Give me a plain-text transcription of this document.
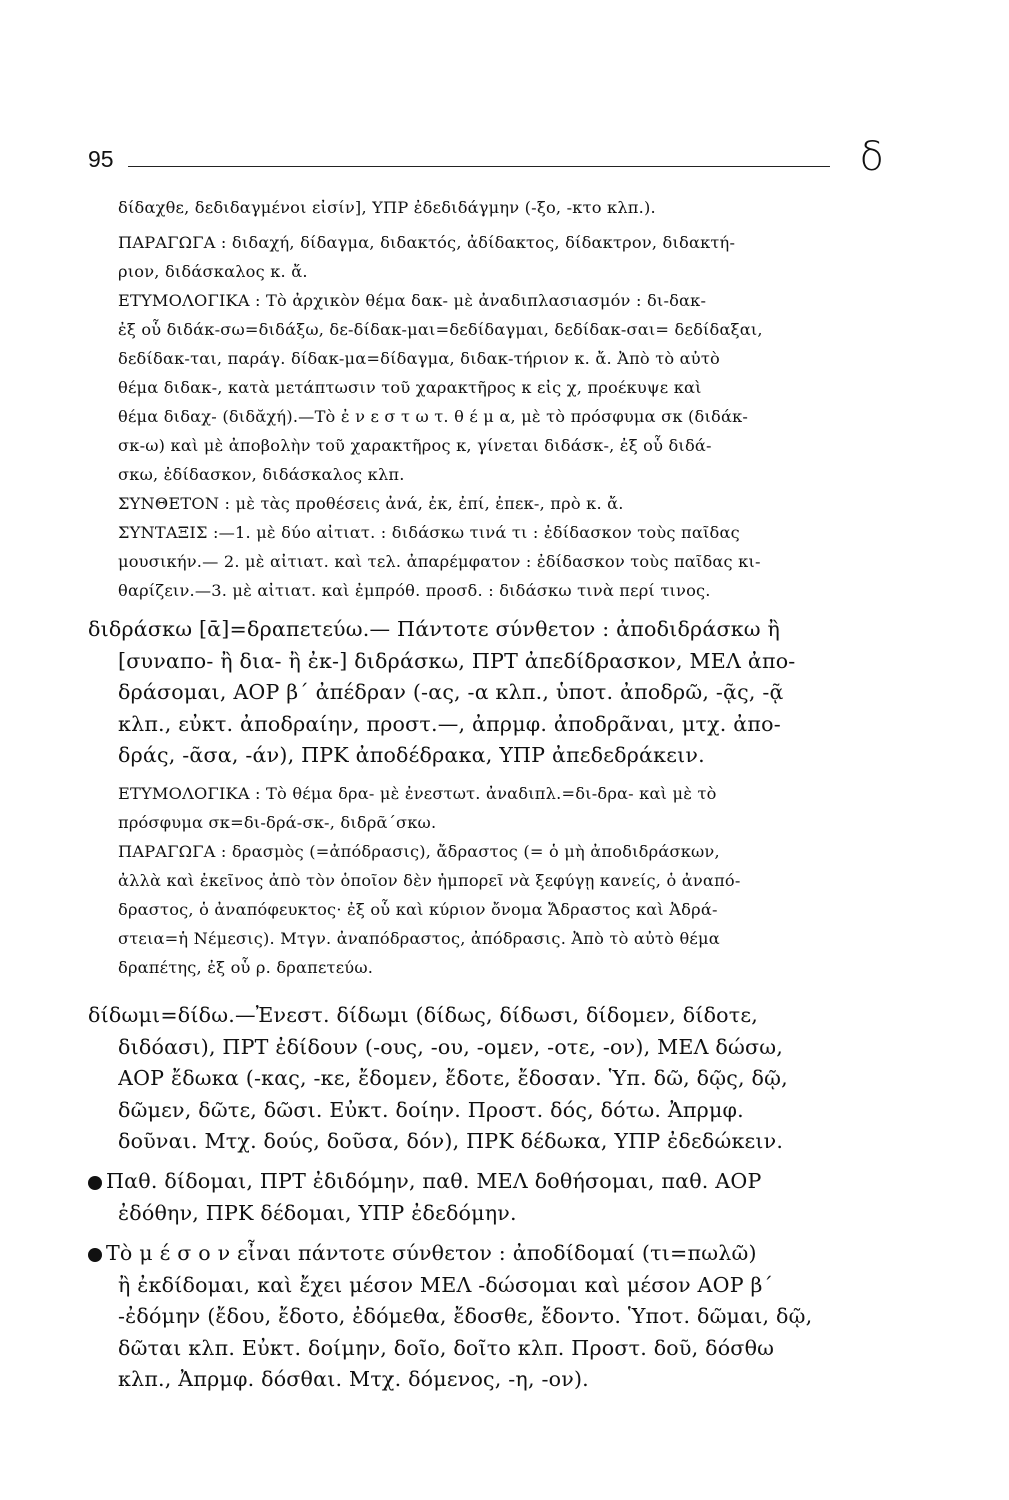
95	δ
δίδαχθε, δεδιδαγμένοι εἰσίν], ΥΠΡ ἐδεδιδάγμην (-ξο, -κτο κλπ.).
ΠΑΡΑΓΩΓΑ : διδαχή, δίδαγμα, διδακτός, ἀδίδακτος, δίδακτρον, διδακτή-
ριον, διδάσκαλος κ. ἄ.
ΕΤΥΜΟΛΟΓΙΚΑ : Τὸ ἀρχικὸν θέμα δακ- μὲ ἀναδιπλασιασμόν : δι-δακ-
ἐξ οὗ διδάκ-σω=διδάξω, δε-δίδακ-μαι=δεδίδαγμαι, δεδίδακ-σαι= δεδίδαξαι,
δεδίδακ-ται, παράγ. δίδακ-μα=δίδαγμα, διδακ-τήριον κ. ἄ. Ἀπὸ τὸ αὐτὸ
θέμα διδακ-, κατὰ μετάπτωσιν τοῦ χαρακτῆρος κ εἰς χ, προέκυψε καὶ
θέμα διδαχ- (διδᾰχή).—Τὸ ἐ ν ε σ τ ω τ. θ έ μ α, μὲ τὸ πρόσφυμα σκ (διδάκ-
σκ-ω) καὶ μὲ ἀποβολὴν τοῦ χαρακτῆρος κ, γίνεται διδάσκ-, ἐξ οὗ διδά-
σκω, ἐδίδασκον, διδάσκαλος κλπ.
ΣΥΝΘΕΤΟΝ : μὲ τὰς προθέσεις ἀνά, ἐκ, ἐπί, ἐπεκ-, πρὸ κ. ἄ.
ΣΥΝΤΑΞΙΣ :—1. μὲ δύο αἰτιατ. : διδάσκω τινά τι : ἐδίδασκον τοὺς παῖδας
μουσικήν.— 2. μὲ αἰτιατ. καὶ τελ. ἀπαρέμφατον : ἐδίδασκον τοὺς παῖδας κι-
θαρίζειν.—3. μὲ αἰτιατ. καὶ ἐμπρόθ. προσδ. : διδάσκω τινὰ περί τινος.
διδράσκω [ᾱ]=δραπετεύω.— Πάντοτε σύνθετον : ἀποδιδράσκω ἢ
[συναπο- ἢ δια- ἢ ἐκ-] διδράσκω, ΠΡΤ ἀπεδίδρασκον, ΜΕΛ ἀπο-
δράσομαι, ΑΟΡ β´ ἀπέδραν (-ας, -α κλπ., ὑποτ. ἀποδρῶ, -ᾷς, -ᾷ
κλπ., εὐκτ. ἀποδραίην, προστ.—, ἀπρμφ. ἀποδρᾶναι, μτχ. ἀπο-
δράς, -ᾶσα, -άν), ΠΡΚ ἀποδέδρακα, ΥΠΡ ἀπεδεδράκειν.
ΕΤΥΜΟΛΟΓΙΚΑ : Τὸ θέμα δρα- μὲ ἐνεστωτ. ἀναδιπλ.=δι-δρα- καὶ μὲ τὸ
πρόσφυμα σκ=δι-δρά-σκ-, διδρᾶ΄σκω.
ΠΑΡΑΓΩΓΑ : δρασμὸς (=ἀπόδρασις), ἄδραστος (= ὁ μὴ ἀποδιδράσκων,
ἀλλὰ καὶ ἐκεῖνος ἀπὸ τὸν ὁποῖον δὲν ἠμπορεῖ νὰ ξεφύγῃ κανείς, ὁ ἀναπό-
δραστος, ὁ ἀναπόφευκτος· ἐξ οὗ καὶ κύριον ὄνομα Ἄδραστος καὶ Ἀδρά-
στεια=ἡ Νέμεσις). Μτγν. ἀναπόδραστος, ἀπόδρασις. Ἀπὸ τὸ αὐτὸ θέμα
δραπέτης, ἐξ οὗ ρ. δραπετεύω.
δίδωμι=δίδω.—Ἐνεστ. δίδωμι (δίδως, δίδωσι, δίδομεν, δίδοτε,
διδόασι), ΠΡΤ ἐδίδουν (-ους, -ου, -ομεν, -οτε, -ον), ΜΕΛ δώσω,
ΑΟΡ ἔδωκα (-κας, -κε, ἔδομεν, ἔδοτε, ἔδοσαν. Ὑπ. δῶ, δῷς, δῷ,
δῶμεν, δῶτε, δῶσι. Εὐκτ. δοίην. Προστ. δός, δότω. Ἀπρμφ.
δοῦναι. Μτχ. δούς, δοῦσα, δόν), ΠΡΚ δέδωκα, ΥΠΡ ἐδεδώκειν.
Παθ. δίδομαι, ΠΡΤ ἐδιδόμην, παθ. ΜΕΛ δοθήσομαι, παθ. ΑΟΡ
ἐδόθην, ΠΡΚ δέδομαι, ΥΠΡ ἐδεδόμην.
Τὸ μ έ σ ο ν εἶναι πάντοτε σύνθετον : ἀποδίδομαί (τι=πωλῶ)
ἢ ἐκδίδομαι, καὶ ἔχει μέσον ΜΕΛ -δώσομαι καὶ μέσον ΑΟΡ β´
-ἐδόμην (ἔδου, ἔδοτο, ἐδόμεθα, ἔδοσθε, ἔδοντο. Ὑποτ. δῶμαι, δῷ,
δῶται κλπ. Εὐκτ. δοίμην, δοῖο, δοῖτο κλπ. Προστ. δοῦ, δόσθω
κλπ., Ἀπρμφ. δόσθαι. Μτχ. δόμενος, -η, -ον).
